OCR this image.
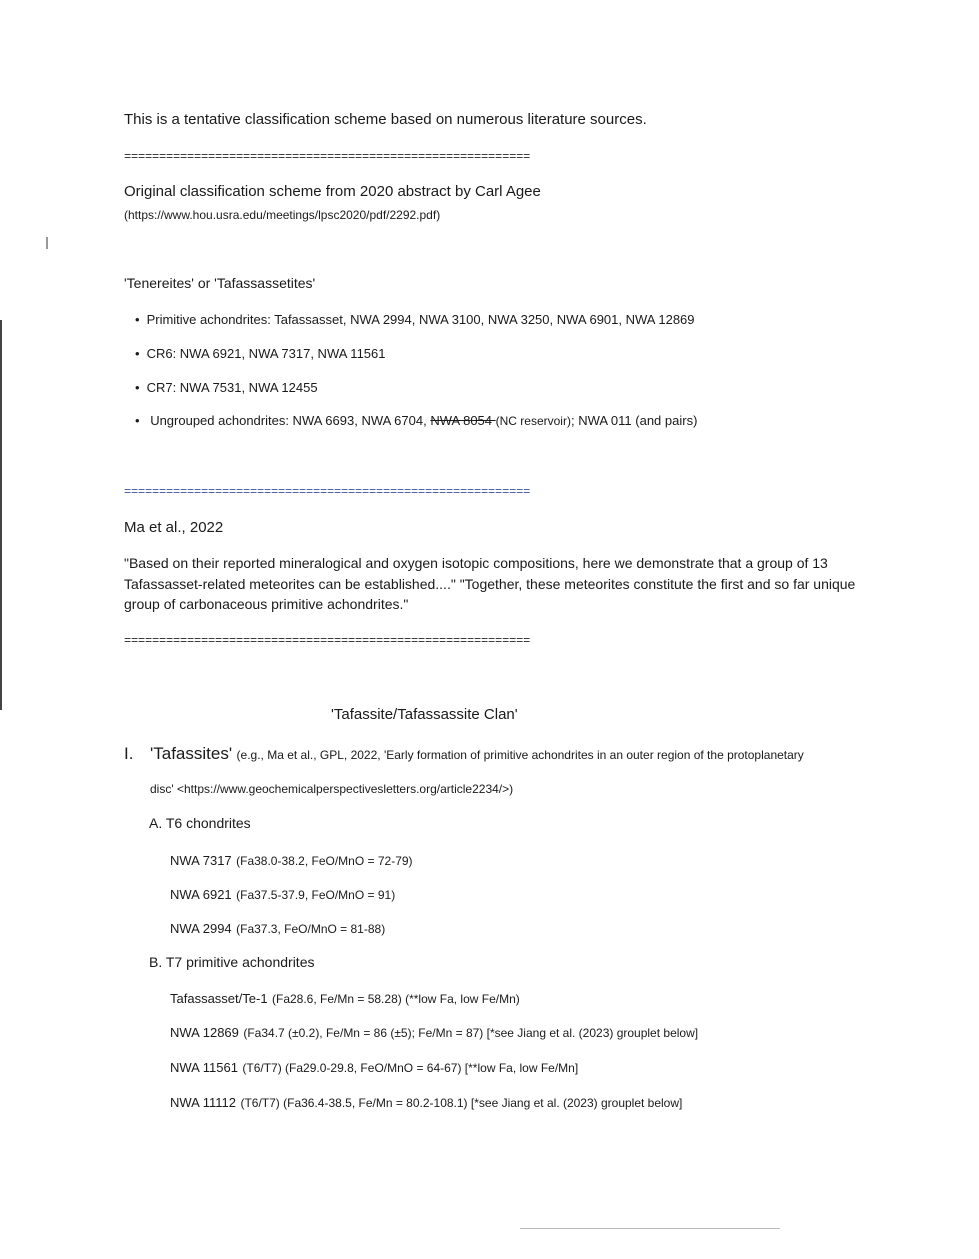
This is a tentative classification scheme based on numerous literature sources.
==========================================================
Original classification scheme from 2020 abstract by Carl Agee
(https://www.hou.usra.edu/meetings/lpsc2020/pdf/2292.pdf)
'Tenereites' or 'Tafassassetites'
• Primitive achondrites: Tafassasset, NWA 2994, NWA 3100, NWA 3250, NWA 6901, NWA 12869
• CR6: NWA 6921, NWA 7317, NWA 11561
• CR7: NWA 7531, NWA 12455
• Ungrouped achondrites: NWA 6693, NWA 6704, NWA 8054 (NC reservoir); NWA 011 (and pairs)
==========================================================
Ma et al., 2022
"Based on their reported mineralogical and oxygen isotopic compositions, here we demonstrate that a group of 13 Tafassasset-related meteorites can be established...." "Together, these meteorites constitute the first and so far unique group of carbonaceous primitive achondrites."
==========================================================
'Tafassite/Tafassassite Clan'
I. 'Tafassites' (e.g., Ma et al., GPL, 2022, 'Early formation of primitive achondrites in an outer region of the protoplanetary
disc' <https://www.geochemicalperspectivesletters.org/article2234/>)
A. T6 chondrites
NWA 7317 (Fa38.0-38.2, FeO/MnO = 72-79)
NWA 6921 (Fa37.5-37.9, FeO/MnO = 91)
NWA 2994 (Fa37.3, FeO/MnO = 81-88)
B. T7 primitive achondrites
Tafassasset/Te-1 (Fa28.6, Fe/Mn = 58.28) (**low Fa, low Fe/Mn)
NWA 12869 (Fa34.7 (±0.2), Fe/Mn = 86 (±5); Fe/Mn = 87) [*see Jiang et al. (2023) grouplet below]
NWA 11561 (T6/T7) (Fa29.0-29.8, FeO/MnO = 64-67) [**low Fa, low Fe/Mn]
NWA 11112 (T6/T7) (Fa36.4-38.5, Fe/Mn = 80.2-108.1) [*see Jiang et al. (2023) grouplet below]
